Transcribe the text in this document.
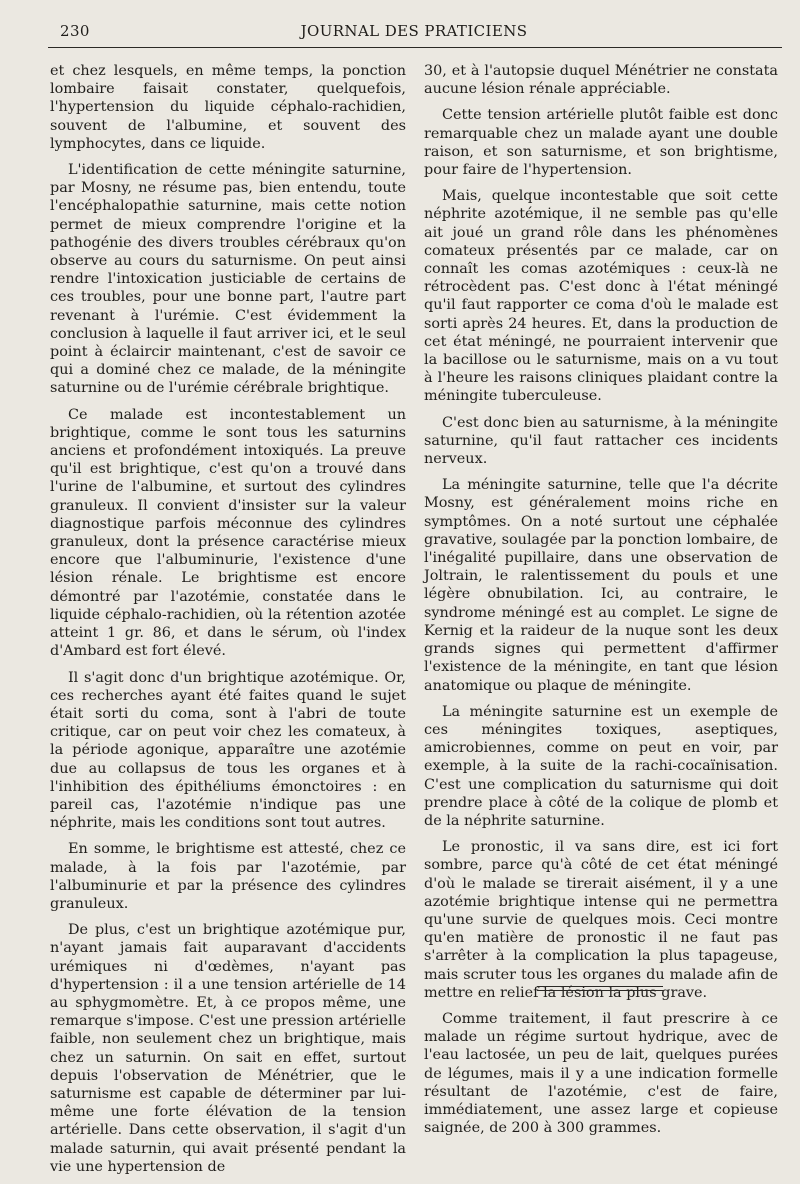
230	JOURNAL DES PRATICIENS

et chez lesquels, en même temps, la ponction lombaire faisait constater, quelquefois, l'hypertension du liquide céphalo-rachidien, souvent de l'albumine, et souvent des lymphocytes, dans ce liquide.

L'identification de cette méningite saturnine, par Mosny, ne résume pas, bien entendu, toute l'encéphalopathie saturnine, mais cette notion permet de mieux comprendre l'origine et la pathogénie des divers troubles cérébraux qu'on observe au cours du saturnisme. On peut ainsi rendre l'intoxication justiciable de certains de ces troubles, pour une bonne part, l'autre part revenant à l'urémie. C'est évidemment la conclusion à laquelle il faut arriver ici, et le seul point à éclaircir maintenant, c'est de savoir ce qui a dominé chez ce malade, de la méningite saturnine ou de l'urémie cérébrale brightique.

Ce malade est incontestablement un brightique, comme le sont tous les saturnins anciens et profondément intoxiqués. La preuve qu'il est brightique, c'est qu'on a trouvé dans l'urine de l'albumine, et surtout des cylindres granuleux. Il convient d'insister sur la valeur diagnostique parfois méconnue des cylindres granuleux, dont la présence caractérise mieux encore que l'albuminurie, l'existence d'une lésion rénale. Le brightisme est encore démontré par l'azotémie, constatée dans le liquide céphalo-rachidien, où la rétention azotée atteint 1 gr. 86, et dans le sérum, où l'index d'Ambard est fort élevé.

Il s'agit donc d'un brightique azotémique. Or, ces recherches ayant été faites quand le sujet était sorti du coma, sont à l'abri de toute critique, car on peut voir chez les comateux, à la période agonique, apparaître une azotémie due au collapsus de tous les organes et à l'inhibition des épithéliums émonctoires : en pareil cas, l'azotémie n'indique pas une néphrite, mais les conditions sont tout autres.

En somme, le brightisme est attesté, chez ce malade, à la fois par l'azotémie, par l'albuminurie et par la présence des cylindres granuleux.

De plus, c'est un brightique azotémique pur, n'ayant jamais fait auparavant d'accidents urémiques ni d'œdèmes, n'ayant pas d'hypertension : il a une tension artérielle de 14 au sphygmomètre. Et, à ce propos même, une remarque s'impose. C'est une pression artérielle faible, non seulement chez un brightique, mais chez un saturnin. On sait en effet, surtout depuis l'observation de Ménétrier, que le saturnisme est capable de déterminer par lui-même une forte élévation de la tension artérielle. Dans cette observation, il s'agit d'un malade saturnin, qui avait présenté pendant la vie une hypertension de

30, et à l'autopsie duquel Ménétrier ne constata aucune lésion rénale appréciable.

Cette tension artérielle plutôt faible est donc remarquable chez un malade ayant une double raison, et son saturnisme, et son brightisme, pour faire de l'hypertension.

Mais, quelque incontestable que soit cette néphrite azotémique, il ne semble pas qu'elle ait joué un grand rôle dans les phénomènes comateux présentés par ce malade, car on connaît les comas azotémiques : ceux-là ne rétrocèdent pas. C'est donc à l'état méningé qu'il faut rapporter ce coma d'où le malade est sorti après 24 heures. Et, dans la production de cet état méningé, ne pourraient intervenir que la bacillose ou le saturnisme, mais on a vu tout à l'heure les raisons cliniques plaidant contre la méningite tuberculeuse.

C'est donc bien au saturnisme, à la méningite saturnine, qu'il faut rattacher ces incidents nerveux.

La méningite saturnine, telle que l'a décrite Mosny, est généralement moins riche en symptômes. On a noté surtout une céphalée gravative, soulagée par la ponction lombaire, de l'inégalité pupillaire, dans une observation de Joltrain, le ralentissement du pouls et une légère obnubilation. Ici, au contraire, le syndrome méningé est au complet. Le signe de Kernig et la raideur de la nuque sont les deux grands signes qui permettent d'affirmer l'existence de la méningite, en tant que lésion anatomique ou plaque de méningite.

La méningite saturnine est un exemple de ces méningites toxiques, aseptiques, amicrobiennes, comme on peut en voir, par exemple, à la suite de la rachi-cocaïnisation. C'est une complication du saturnisme qui doit prendre place à côté de la colique de plomb et de la néphrite saturnine.

Le pronostic, il va sans dire, est ici fort sombre, parce qu'à côté de cet état méningé d'où le malade se tirerait aisément, il y a une azotémie brightique intense qui ne permettra qu'une survie de quelques mois. Ceci montre qu'en matière de pronostic il ne faut pas s'arrêter à la complication la plus tapageuse, mais scruter tous les organes du malade afin de mettre en relief la lésion la plus grave.

Comme traitement, il faut prescrire à ce malade un régime surtout hydrique, avec de l'eau lactosée, un peu de lait, quelques purées de légumes, mais il y a une indication formelle résultant de l'azotémie, c'est de faire, immédiatement, une assez large et copieuse saignée, de 200 à 300 grammes.
